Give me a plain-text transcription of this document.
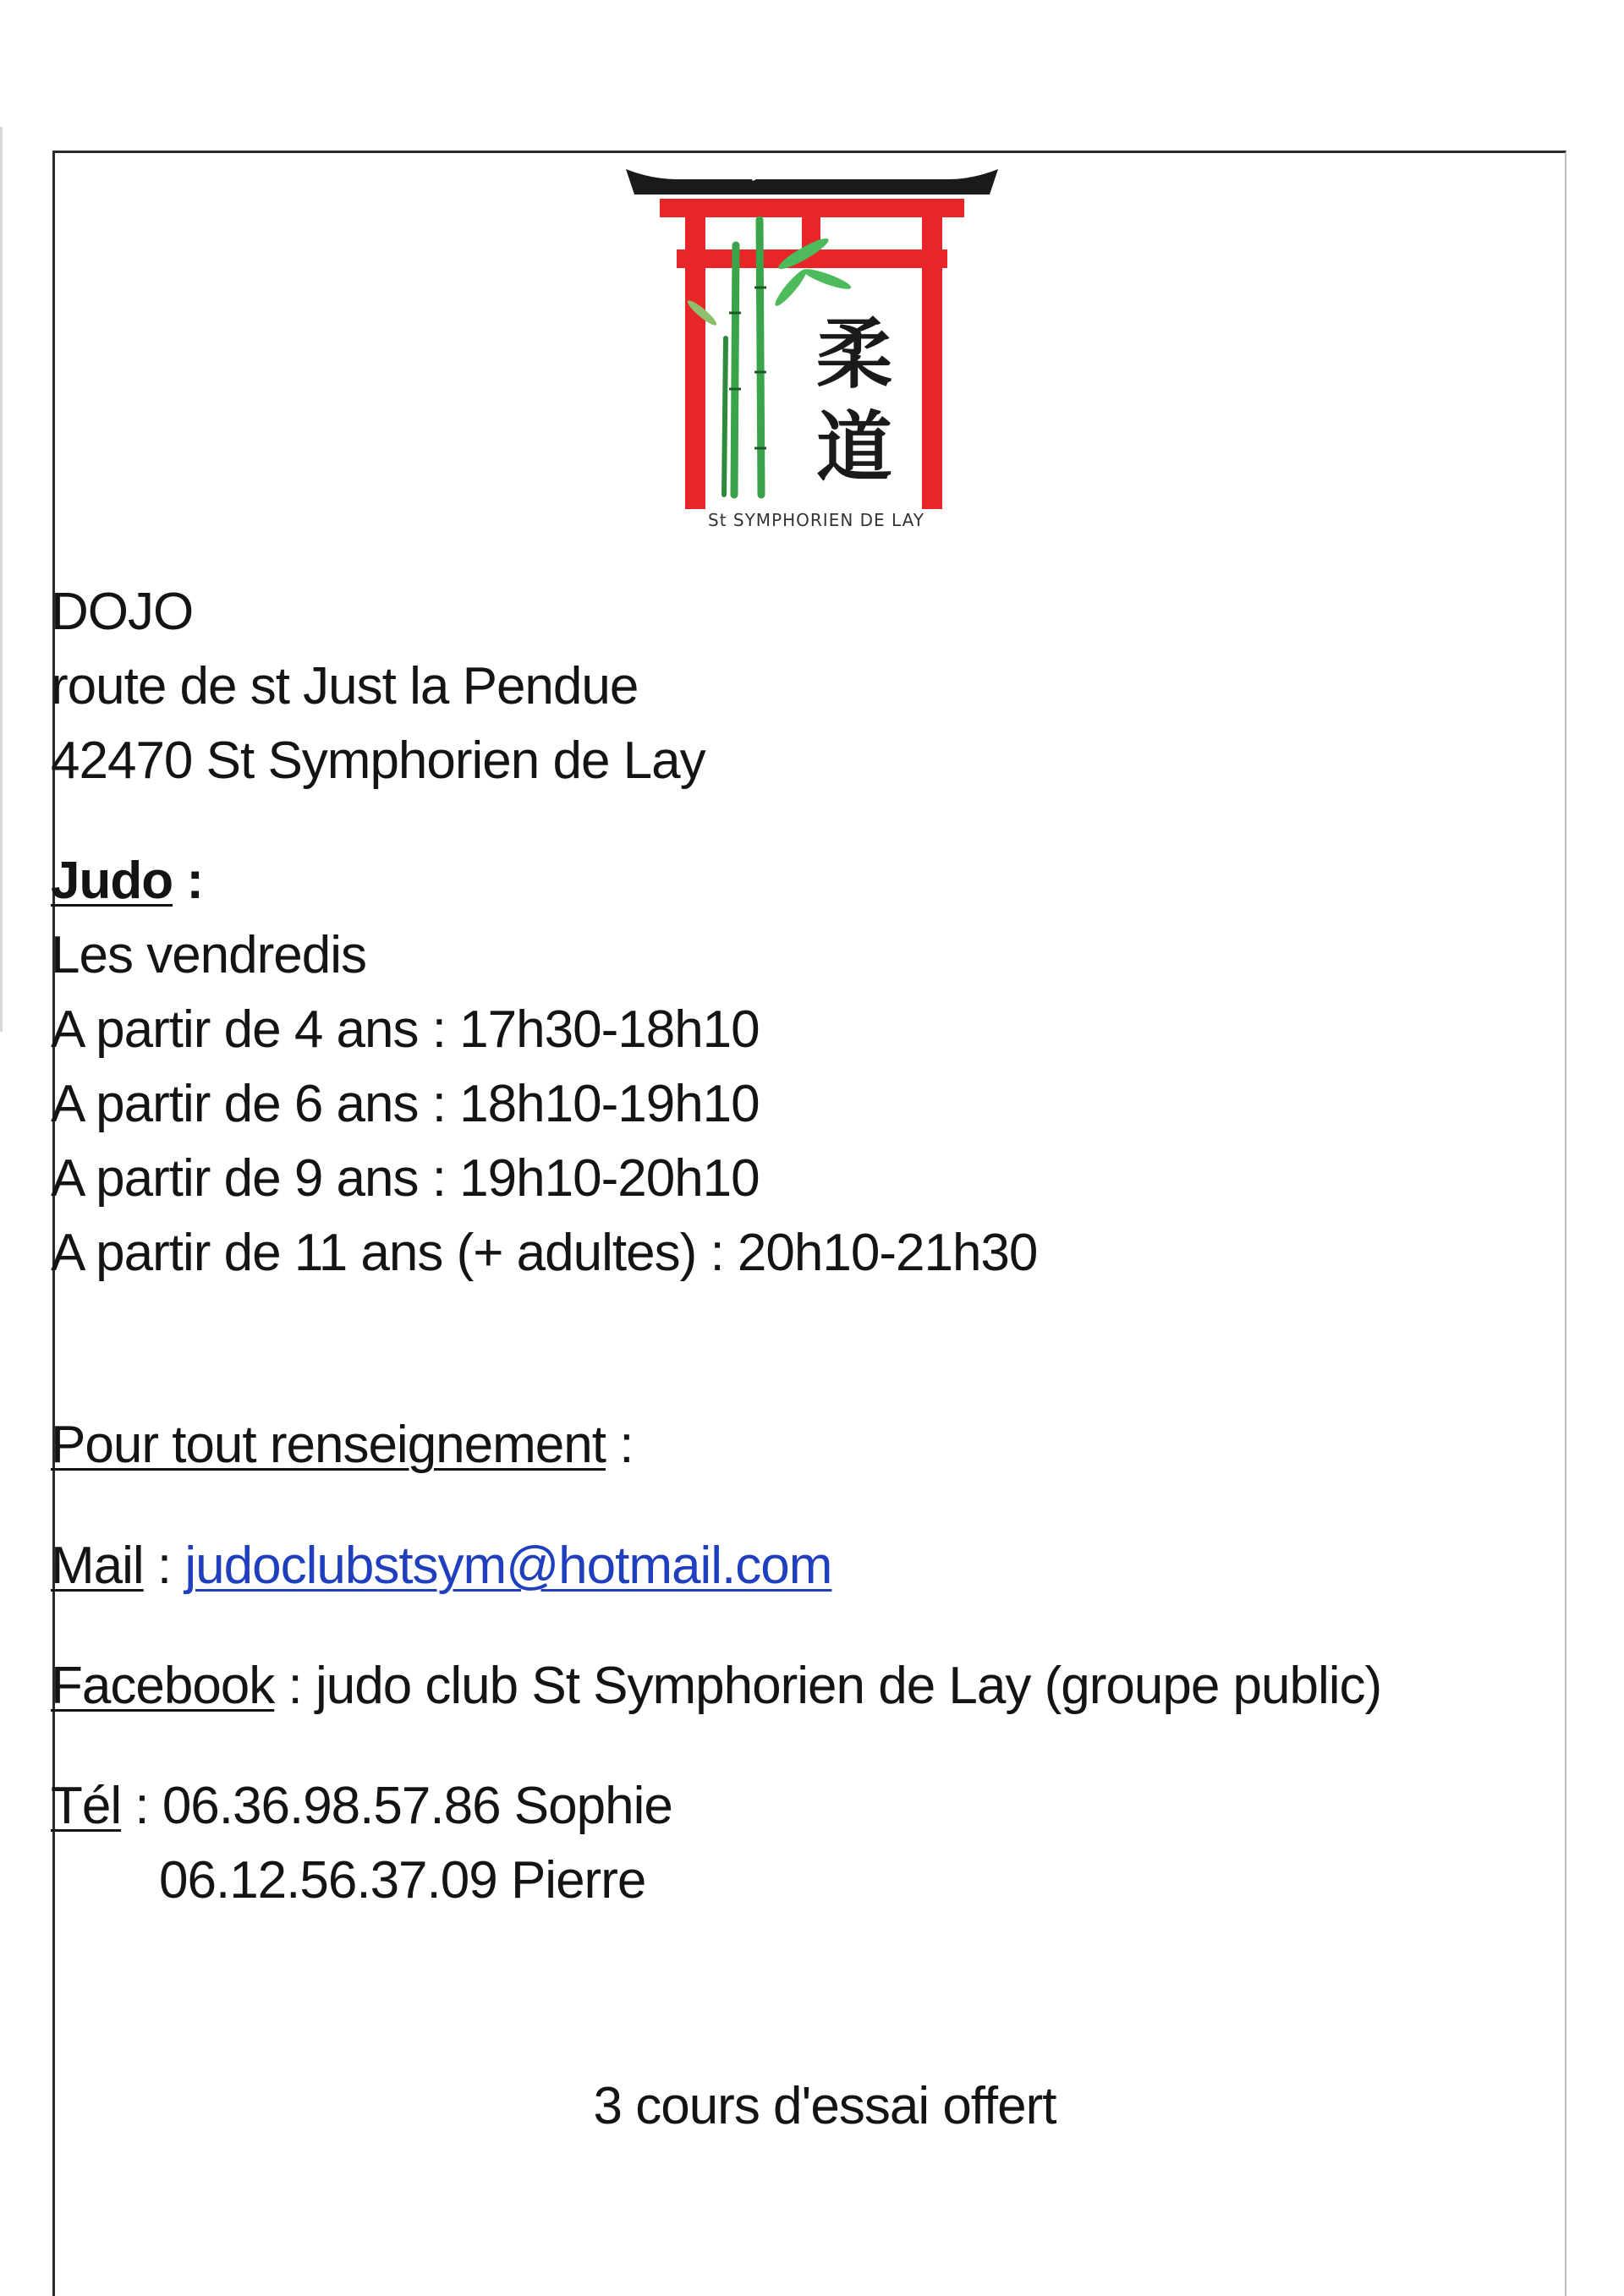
JUDO CLUB
柔
道
St SYMPHORIEN DE LAY
DOJO
route de st Just la Pendue
42470 St Symphorien de Lay
Judo :
Les vendredis
A partir de 4 ans : 17h30-18h10
A partir de 6 ans : 18h10-19h10
A partir de 9 ans : 19h10-20h10
A partir de 11 ans (+ adultes) : 20h10-21h30
Pour tout renseignement :
Mail : judoclubstsym@hotmail.com
Facebook : judo club St Symphorien de Lay (groupe public)
Tél : 06.36.98.57.86 Sophie
06.12.56.37.09 Pierre
3 cours d'essai offert
